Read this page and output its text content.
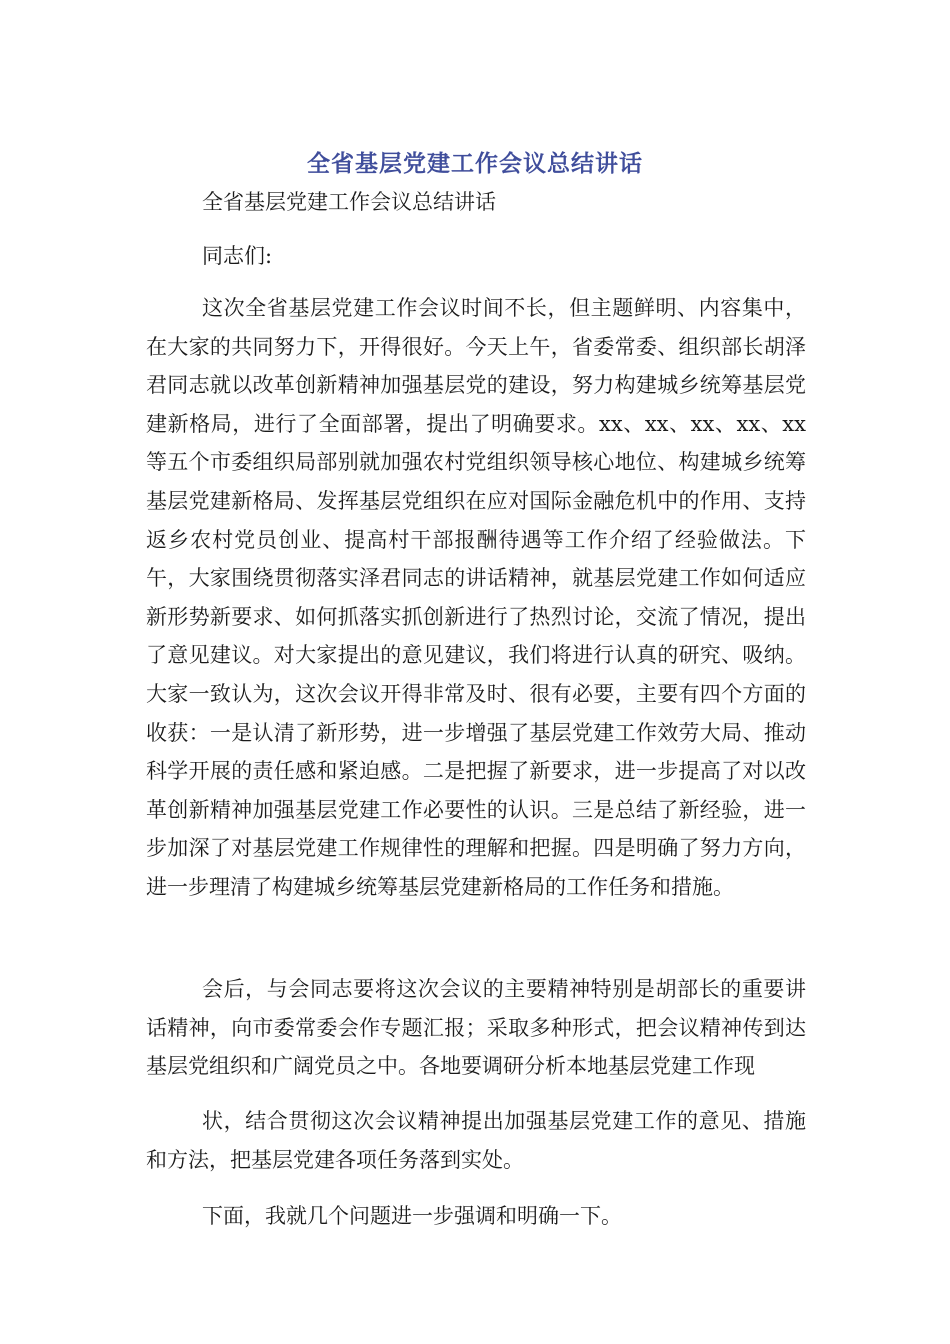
全省基层党建工作会议总结讲话

全省基层党建工作会议总结讲话

同志们:

这次全省基层党建工作会议时间不长，但主题鲜明、内容集中，在大家的共同努力下，开得很好。今天上午，省委常委、组织部长胡泽君同志就以改革创新精神加强基层党的建设，努力构建城乡统筹基层党建新格局，进行了全面部署，提出了明确要求。xx、xx、xx、xx、xx 等五个市委组织局部别就加强农村党组织领导核心地位、构建城乡统筹基层党建新格局、发挥基层党组织在应对国际金融危机中的作用、支持返乡农村党员创业、提高村干部报酬待遇等工作介绍了经验做法。下午，大家围绕贯彻落实泽君同志的讲话精神，就基层党建工作如何适应新形势新要求、如何抓落实抓创新进行了热烈讨论，交流了情况，提出了意见建议。对大家提出的意见建议，我们将进行认真的研究、吸纳。大家一致认为，这次会议开得非常及时、很有必要，主要有四个方面的收获：一是认清了新形势，进一步增强了基层党建工作效劳大局、推动科学开展的责任感和紧迫感。二是把握了新要求，进一步提高了对以改革创新精神加强基层党建工作必要性的认识。三是总结了新经验，进一步加深了对基层党建工作规律性的理解和把握。四是明确了努力方向，进一步理清了构建城乡统筹基层党建新格局的工作任务和措施。

会后，与会同志要将这次会议的主要精神特别是胡部长的重要讲话精神，向市委常委会作专题汇报；采取多种形式，把会议精神传到达基层党组织和广阔党员之中。各地要调研分析本地基层党建工作现

状，结合贯彻这次会议精神提出加强基层党建工作的意见、措施和方法，把基层党建各项任务落到实处。

下面，我就几个问题进一步强调和明确一下。
